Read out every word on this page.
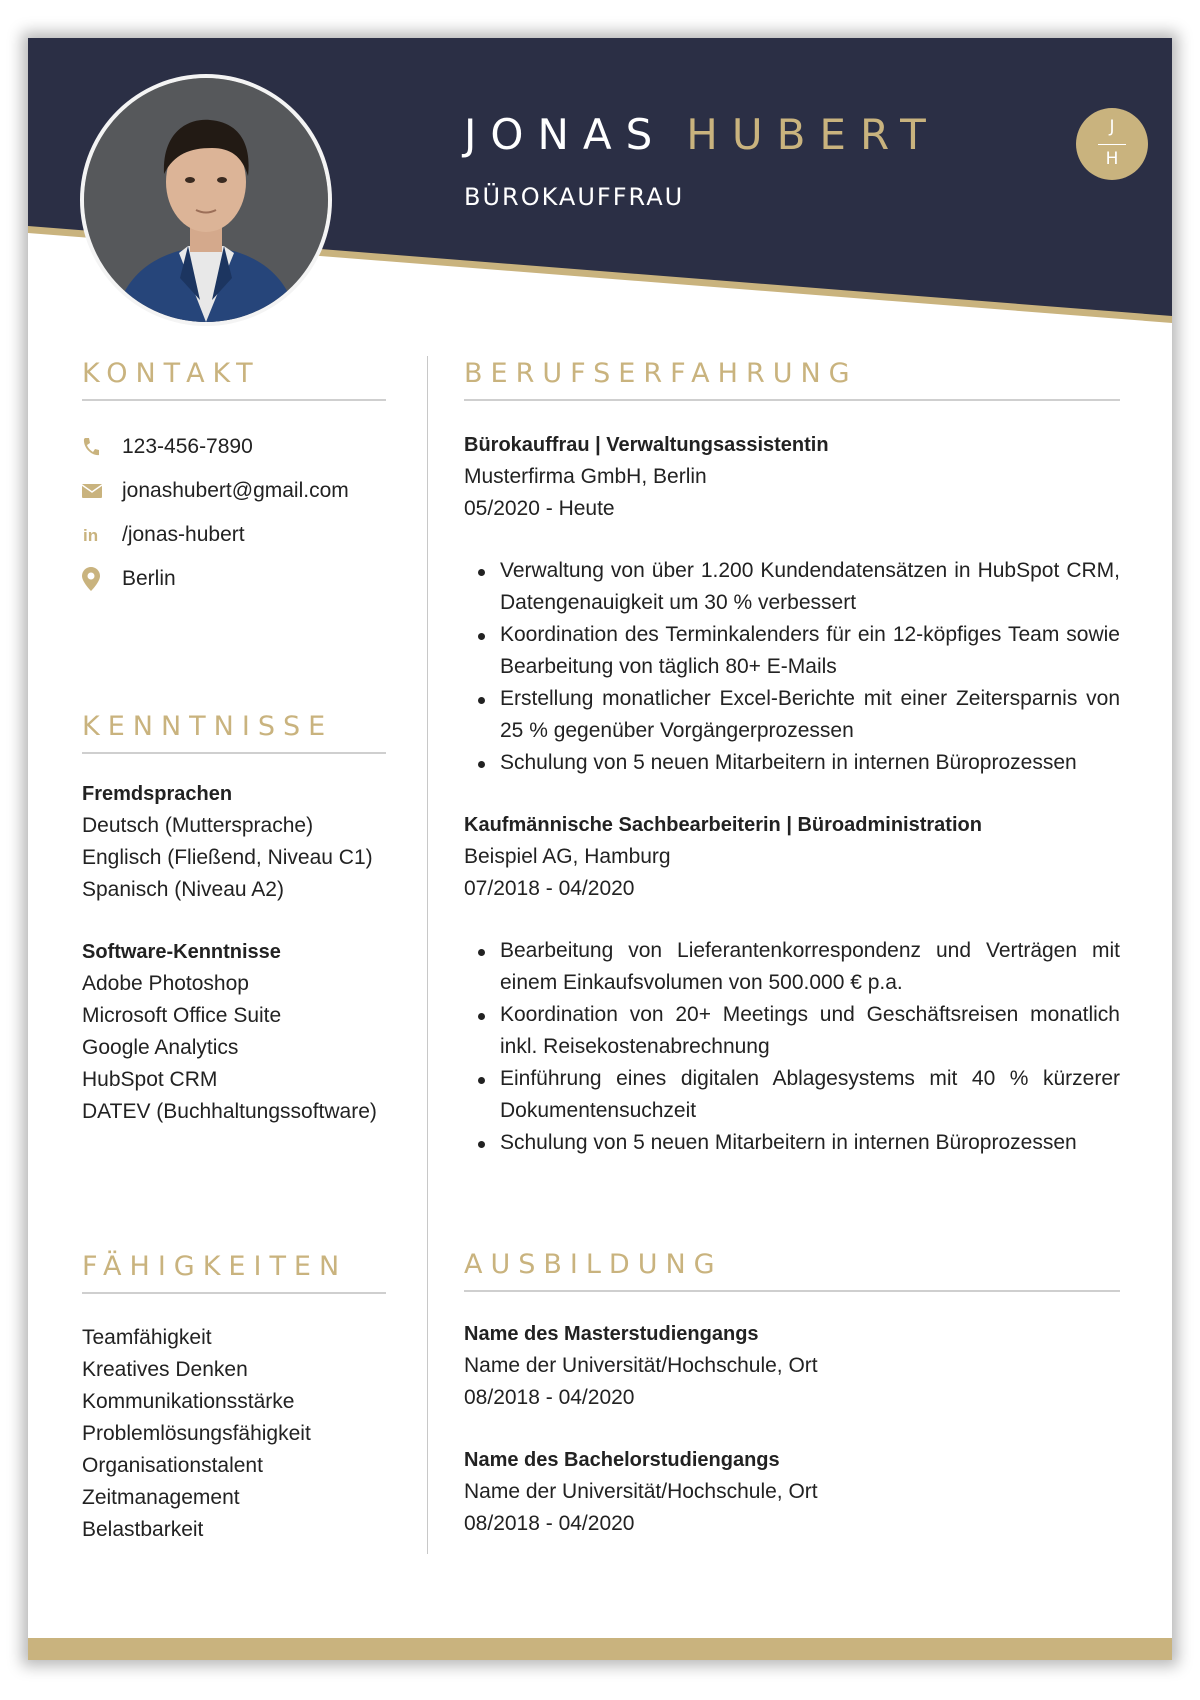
JONAS HUBERT
BÜROKAUFFRAU
J
H
KONTAKT
123-456-7890
jonashubert@gmail.com
in /jonas-hubert
Berlin
KENNTNISSE
Fremdsprachen
Deutsch (Muttersprache)
Englisch (Fließend, Niveau C1)
Spanisch (Niveau A2)
Software-Kenntnisse
Adobe Photoshop
Microsoft Office Suite
Google Analytics
HubSpot CRM
DATEV (Buchhaltungssoftware)
FÄHIGKEITEN
Teamfähigkeit
Kreatives Denken
Kommunikationsstärke
Problemlösungsfähigkeit
Organisationstalent
Zeitmanagement
Belastbarkeit
BERUFSERFAHRUNG
Bürokauffrau | Verwaltungsassistentin
Musterfirma GmbH, Berlin
05/2020 - Heute
Verwaltung von über 1.200 Kundendatensätzen in HubSpot CRM, Datengenauigkeit um 30 % verbessert
Koordination des Terminkalenders für ein 12-köpfiges Team sowie Bearbeitung von täglich 80+ E-Mails
Erstellung monatlicher Excel-Berichte mit einer Zeitersparnis von 25 % gegenüber Vorgängerprozessen
Schulung von 5 neuen Mitarbeitern in internen Büroprozessen
Kaufmännische Sachbearbeiterin | Büroadministration
Beispiel AG, Hamburg
07/2018 - 04/2020
Bearbeitung von Lieferantenkorrespondenz und Verträgen mit einem Einkaufsvolumen von 500.000 € p.a.
Koordination von 20+ Meetings und Geschäftsreisen monatlich inkl. Reisekostenabrechnung
Einführung eines digitalen Ablagesystems mit 40 % kürzerer Dokumentensuchzeit
Schulung von 5 neuen Mitarbeitern in internen Büroprozessen
AUSBILDUNG
Name des Masterstudiengangs
Name der Universität/Hochschule, Ort
08/2018 - 04/2020
Name des Bachelorstudiengangs
Name der Universität/Hochschule, Ort
08/2018 - 04/2020
